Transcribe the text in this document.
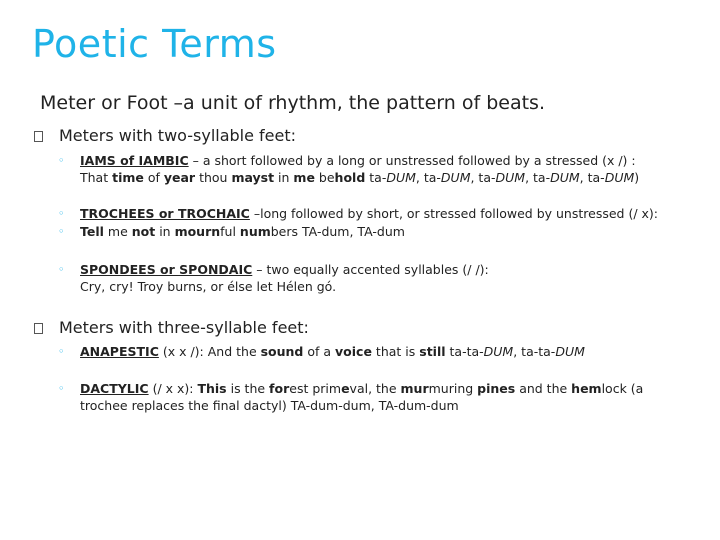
Poetic Terms
Meter or Foot –a unit of rhythm, the pattern of beats.
Meters with two-syllable feet:
◦ IAMS of IAMBIC – a short followed by a long or unstressed followed by a stressed (x /) :
That time of year thou mayst in me behold ta-DUM, ta-DUM, ta-DUM, ta-DUM, ta-DUM)
◦ TROCHEES or TROCHAIC –long followed by short, or stressed followed by unstressed (/ x):
◦ Tell me not in mournful numbers TA-dum, TA-dum
◦ SPONDEES or SPONDAIC – two equally accented syllables (/ /):
Cry, cry! Troy burns, or élse let Hélen gó.
Meters with three-syllable feet:
◦ ANAPESTIC (x x /): And the sound of a voice that is still ta-ta-DUM, ta-ta-DUM
◦ DACTYLIC (/ x x): This is the forest primeval, the murmuring pines and the hemlock (a
trochee replaces the final dactyl) TA-dum-dum, TA-dum-dum
